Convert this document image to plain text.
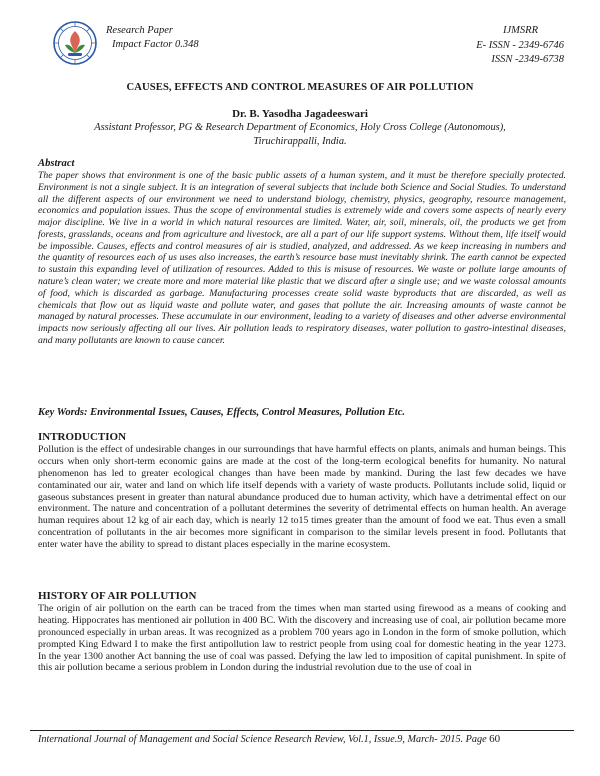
Research Paper
Impact Factor 0.348
IJMSRR
E- ISSN - 2349-6746
ISSN -2349-6738
CAUSES, EFFECTS AND CONTROL MEASURES OF AIR POLLUTION
Dr. B. Yasodha Jagadeeswari
Assistant Professor, PG & Research Department of Economics, Holy Cross College (Autonomous),
Tiruchirappalli, India.
Abstract

The paper shows that environment is one of the basic public assets of a human system, and it must be therefore specially protected. Environment is not a single subject. It is an integration of several subjects that include both Science and Social Studies. To understand all the different aspects of our environment we need to understand biology, chemistry, physics, geography, resource management, economics and population issues. Thus the scope of environmental studies is extremely wide and covers some aspects of nearly every major discipline. We live in a world in which natural resources are limited. Water, air, soil, minerals, oil, the products we get from forests, grasslands, oceans and from agriculture and livestock, are all a part of our life support systems. Without them, life itself would be impossible. Causes, effects and control measures of air is studied, analyzed, and addressed. As we keep increasing in numbers and the quantity of resources each of us uses also increases, the earth’s resource base must inevitably shrink. The earth cannot be expected to sustain this expanding level of utilization of resources. Added to this is misuse of resources. We waste or pollute large amounts of nature’s clean water; we create more and more material like plastic that we discard after a single use; and we waste colossal amounts of food, which is discarded as garbage. Manufacturing processes create solid waste byproducts that are discarded, as well as chemicals that flow out as liquid waste and pollute water, and gases that pollute the air. Increasing amounts of waste cannot be managed by natural processes. These accumulate in our environment, leading to a variety of diseases and other adverse environmental impacts now seriously affecting all our lives. Air pollution leads to respiratory diseases, water pollution to gastro-intestinal diseases, and many pollutants are known to cause cancer.

Key Words: Environmental Issues, Causes, Effects, Control Measures, Pollution Etc.
INTRODUCTION

Pollution is the effect of undesirable changes in our surroundings that have harmful effects on plants, animals and human beings. This occurs when only short-term economic gains are made at the cost of the long-term ecological benefits for humanity. No natural phenomenon has led to greater ecological changes than have been made by mankind. During the last few decades we have contaminated our air, water and land on which life itself depends with a variety of waste products. Pollutants include solid, liquid or gaseous substances present in greater than natural abundance produced due to human activity, which have a detrimental effect on our environment. The nature and concentration of a pollutant determines the severity of detrimental effects on human health. An average human requires about 12 kg of air each day, which is nearly 12 to15 times greater than the amount of food we eat. Thus even a small concentration of pollutants in the air becomes more significant in comparison to the similar levels present in food. Pollutants that enter water have the ability to spread to distant places especially in the marine ecosystem.

HISTORY OF AIR POLLUTION

The origin of air pollution on the earth can be traced from the times when man started using firewood as a means of cooking and heating. Hippocrates has mentioned air pollution in 400 BC. With the discovery and increasing use of coal, air pollution became more pronounced especially in urban areas. It was recognized as a problem 700 years ago in London in the form of smoke pollution, which prompted King Edward I to make the first antipollution law to restrict people from using coal for domestic heating in the year 1273. In the year 1300 another Act banning the use of coal was passed. Defying the law led to imposition of capital punishment. In spite of this air pollution became a serious problem in London during the industrial revolution due to the use of coal in

International Journal of Management and Social Science Research Review, Vol.1, Issue.9, March- 2015. Page 60
